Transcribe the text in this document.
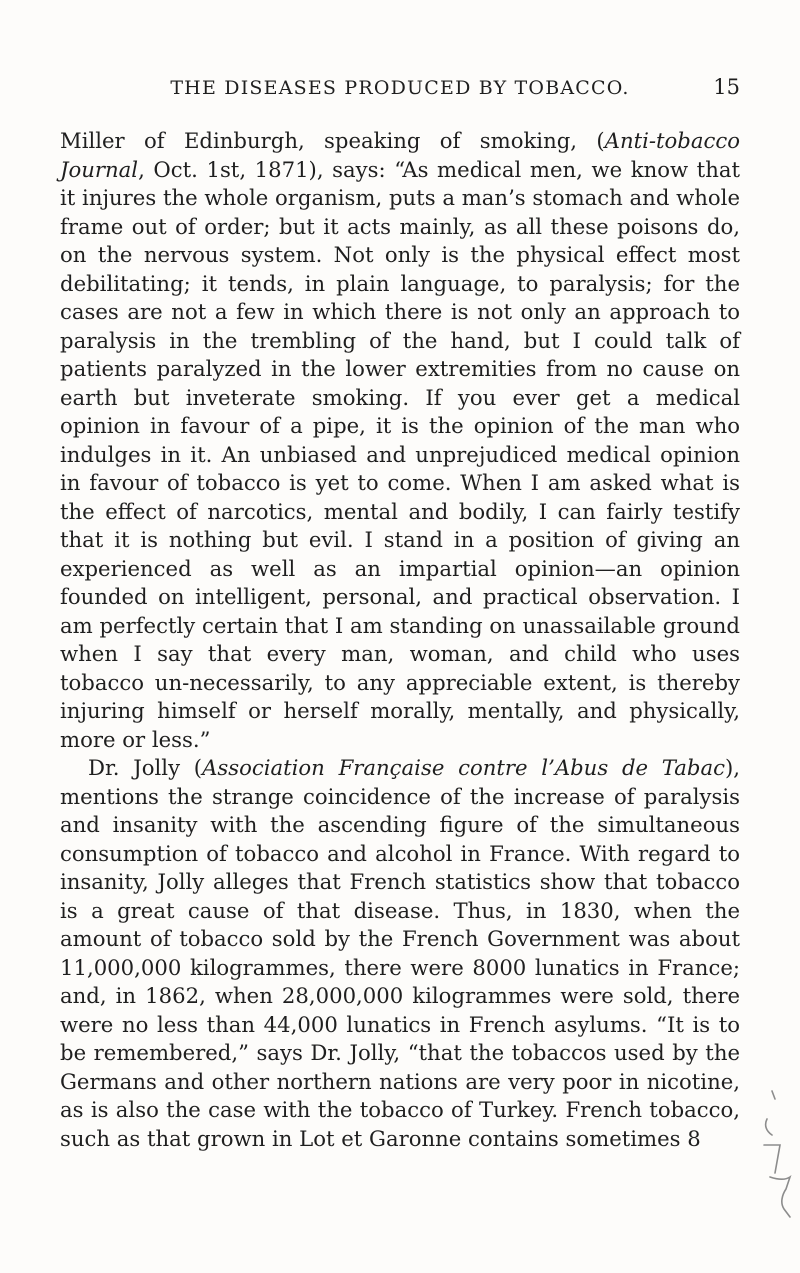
THE DISEASES PRODUCED BY TOBACCO.	15

Miller of Edinburgh, speaking of smoking, (Anti-tobacco Journal, Oct. 1st, 1871), says: “As medical men, we know that it injures the whole organism, puts a man’s stomach and whole frame out of order; but it acts mainly, as all these poisons do, on the nervous system. Not only is the physical effect most debilitating; it tends, in plain language, to paralysis; for the cases are not a few in which there is not only an approach to paralysis in the trembling of the hand, but I could talk of patients paralyzed in the lower extremities from no cause on earth but inveterate smoking. If you ever get a medical opinion in favour of a pipe, it is the opinion of the man who indulges in it. An unbiased and unprejudiced medical opinion in favour of tobacco is yet to come. When I am asked what is the effect of narcotics, mental and bodily, I can fairly testify that it is nothing but evil. I stand in a position of giving an experienced as well as an impartial opinion—an opinion founded on intelligent, personal, and practical observation. I am perfectly certain that I am standing on unassailable ground when I say that every man, woman, and child who uses tobacco un-necessarily, to any appreciable extent, is thereby injuring himself or herself morally, mentally, and physically, more or less.”

Dr. Jolly (Association Française contre l’Abus de Tabac), mentions the strange coincidence of the increase of paralysis and insanity with the ascending figure of the simultaneous consumption of tobacco and alcohol in France. With regard to insanity, Jolly alleges that French statistics show that tobacco is a great cause of that disease. Thus, in 1830, when the amount of tobacco sold by the French Government was about 11,000,000 kilogrammes, there were 8000 lunatics in France; and, in 1862, when 28,000,000 kilogrammes were sold, there were no less than 44,000 lunatics in French asylums. “It is to be remembered,” says Dr. Jolly, “that the tobaccos used by the Germans and other northern nations are very poor in nicotine, as is also the case with the tobacco of Turkey. French tobacco, such as that grown in Lot et Garonne contains sometimes 8
